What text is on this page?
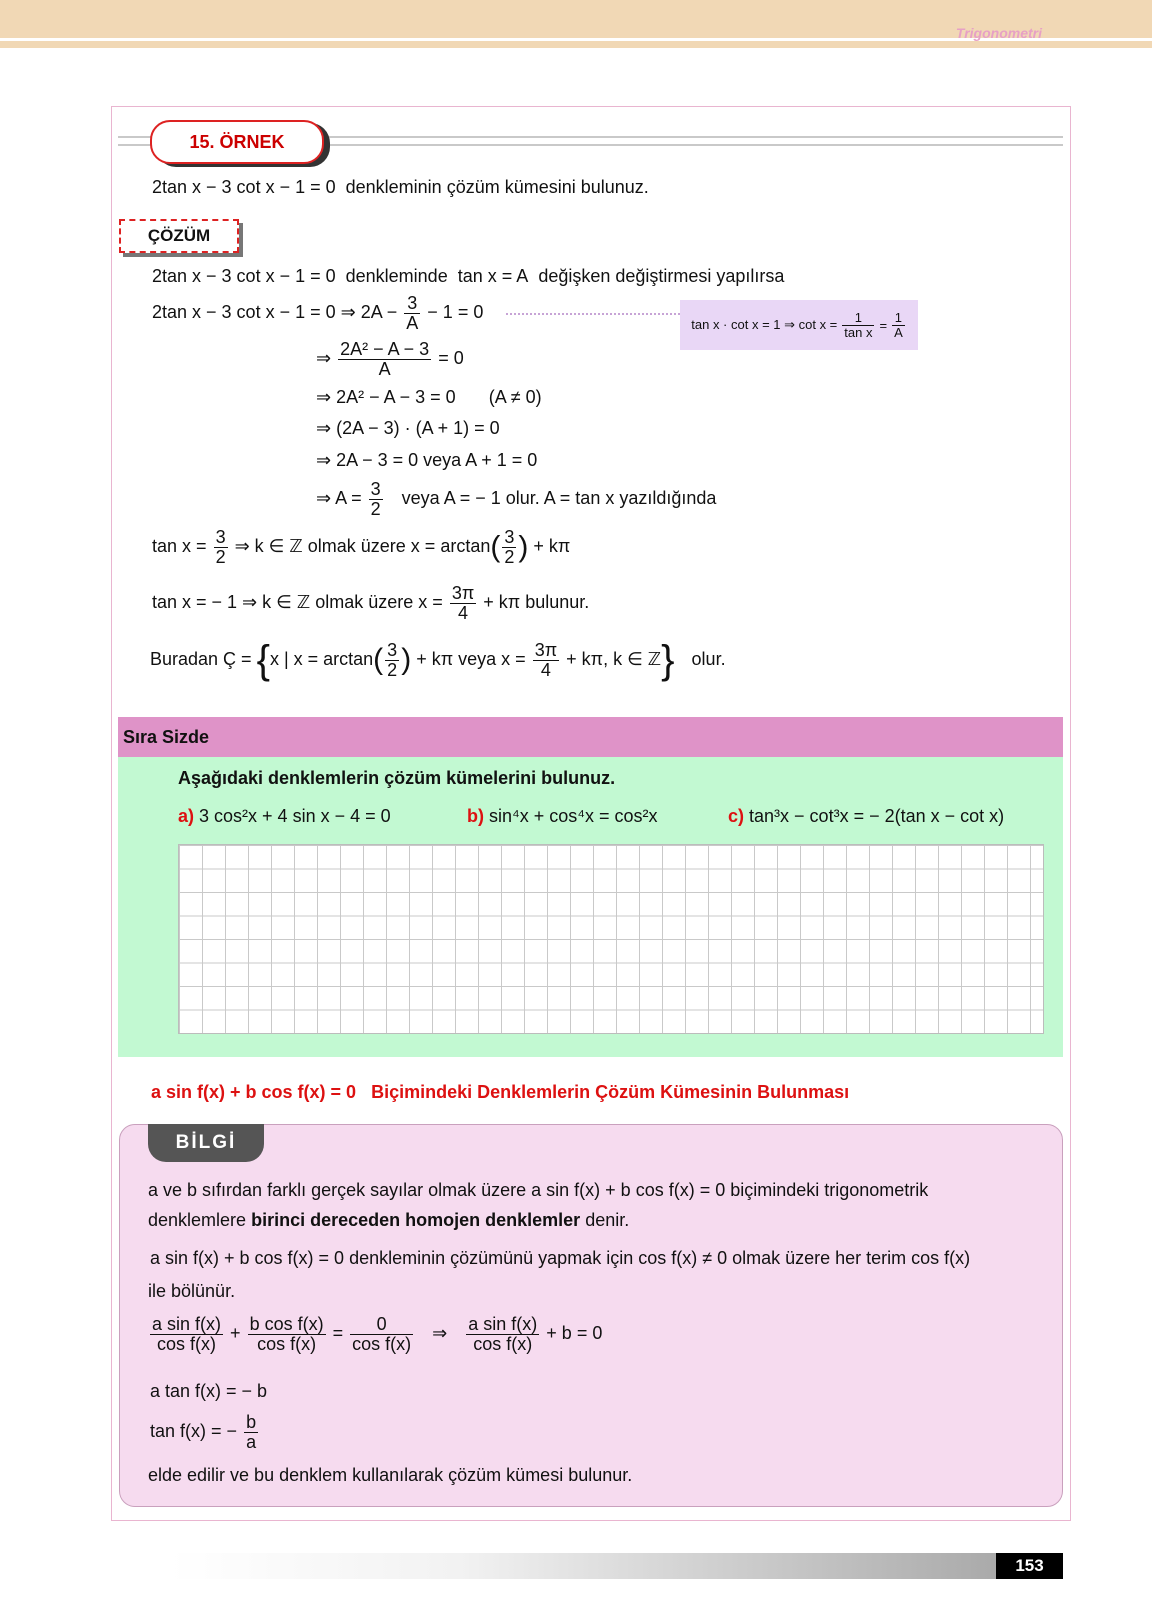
Trigonometri
15. ÖRNEK
2tan x − 3 cot x − 1 = 0 denkleminin çözüm kümesini bulunuz.
ÇÖZÜM
2tan x − 3 cot x − 1 = 0 denkleminde tan x = A değişken değiştirmesi yapılırsa
2tan x − 3 cot x − 1 = 0 ⇒ $2A - \frac{3}{A} - 1 = 0$
tan x · cot x = 1 ⇒ $\cot x = \frac{1}{\text{tan x}} = \frac{1}{A}$
⇒ $\frac{\text{2A² − A − 3}}{A} = 0$
⇒ 2A² − A − 3 = 0 (A ≠ 0)
⇒ (2A − 3) · (A + 1) = 0
⇒ 2A − 3 = 0 veya A + 1 = 0
⇒ $A = \frac{3}{2}$ veya A = − 1 olur. A = tan x yazıldığında
$\tan x = \frac{3}{2}$ ⇒ k ∈ ℤ olmak üzere $x = \arctan( \frac{3}{2}$ ) + kπ
tan x = − 1 ⇒ k ∈ ℤ olmak üzere $x = \frac{3\pi}{4} + k\pi$ bulunur.
Buradan Ç = {x | $x = \arctan( \frac{3}{2}$ ) + kπ veya $x = \frac{3\pi}{4} + k\pi$, k ∈ ℤ} olur.
Sıra Sizde
Aşağıdaki denklemlerin çözüm kümelerini bulunuz.
a) 3 cos²x + 4 sin x − 4 = 0	b) sin⁴x + cos⁴x = cos²x	c) tan³x − cot³x = − 2(tan x − cot x)
a sin f(x) + b cos f(x) = 0 Biçimindeki Denklemlerin Çözüm Kümesinin Bulunması
BİLGİ
a ve b sıfırdan farklı gerçek sayılar olmak üzere a sin f(x) + b cos f(x) = 0 biçimindeki trigonometrik
denklemlere birinci dereceden homojen denklemler denir.
a sin f(x) + b cos f(x) = 0 denkleminin çözümünü yapmak için cos f(x) ≠ 0 olmak üzere her terim cos f(x)
ile bölünür.
$\frac{\text{a sin f(x)}}{\text{cos f(x)}} + \frac{\text{b cos f(x)}}{\text{cos f(x)}} = \frac{0}{\text{cos f(x)}}$ ⇒ $\frac{\text{a sin f(x)}}{\text{cos f(x)}} + b = 0$
a tan f(x) = − b
tan f(x) = − $\frac{b}{a}$
elde edilir ve bu denklem kullanılarak çözüm kümesi bulunur.
153
